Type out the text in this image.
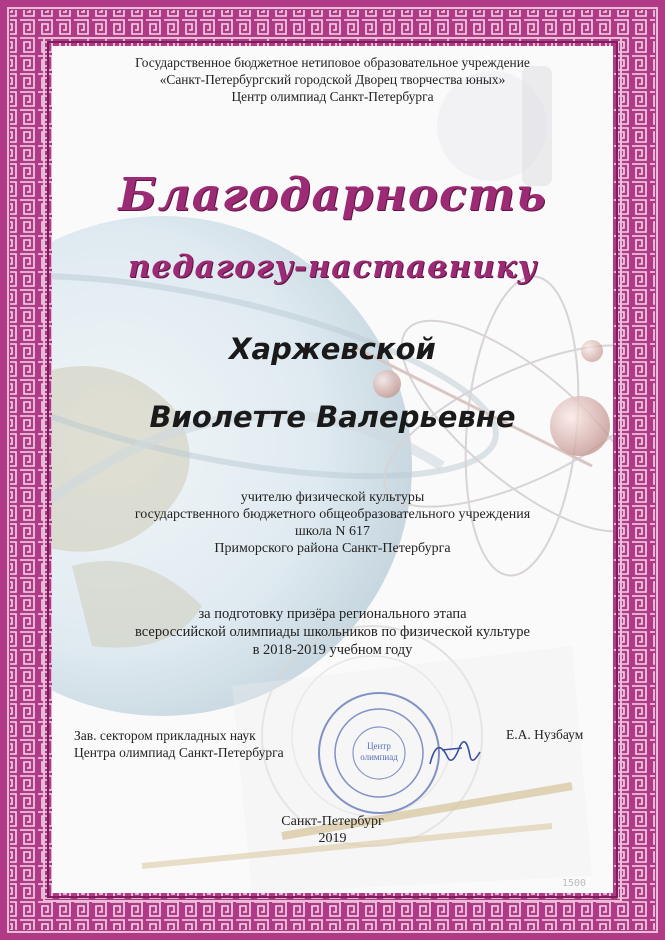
1500
Государственное бюджетное нетиповое образовательное учреждение
«Санкт-Петербургский городской Дворец творчества юных»
Центр олимпиад Санкт-Петербурга
Благодарность
педагогу-наставнику
Харжевской
Виолетте Валерьевне
учителю физической культуры
государственного бюджетного общеобразовательного учреждения
школа N 617
Приморского района Санкт-Петербурга
за подготовку призёра регионального этапа
всероссийской олимпиады школьников по физической культуре
в 2018-2019 учебном году
Центр
олимпиад
Зав. сектором прикладных наук
Центра олимпиад Санкт-Петербурга
Е.А. Нузбаум
Санкт-Петербург
2019
